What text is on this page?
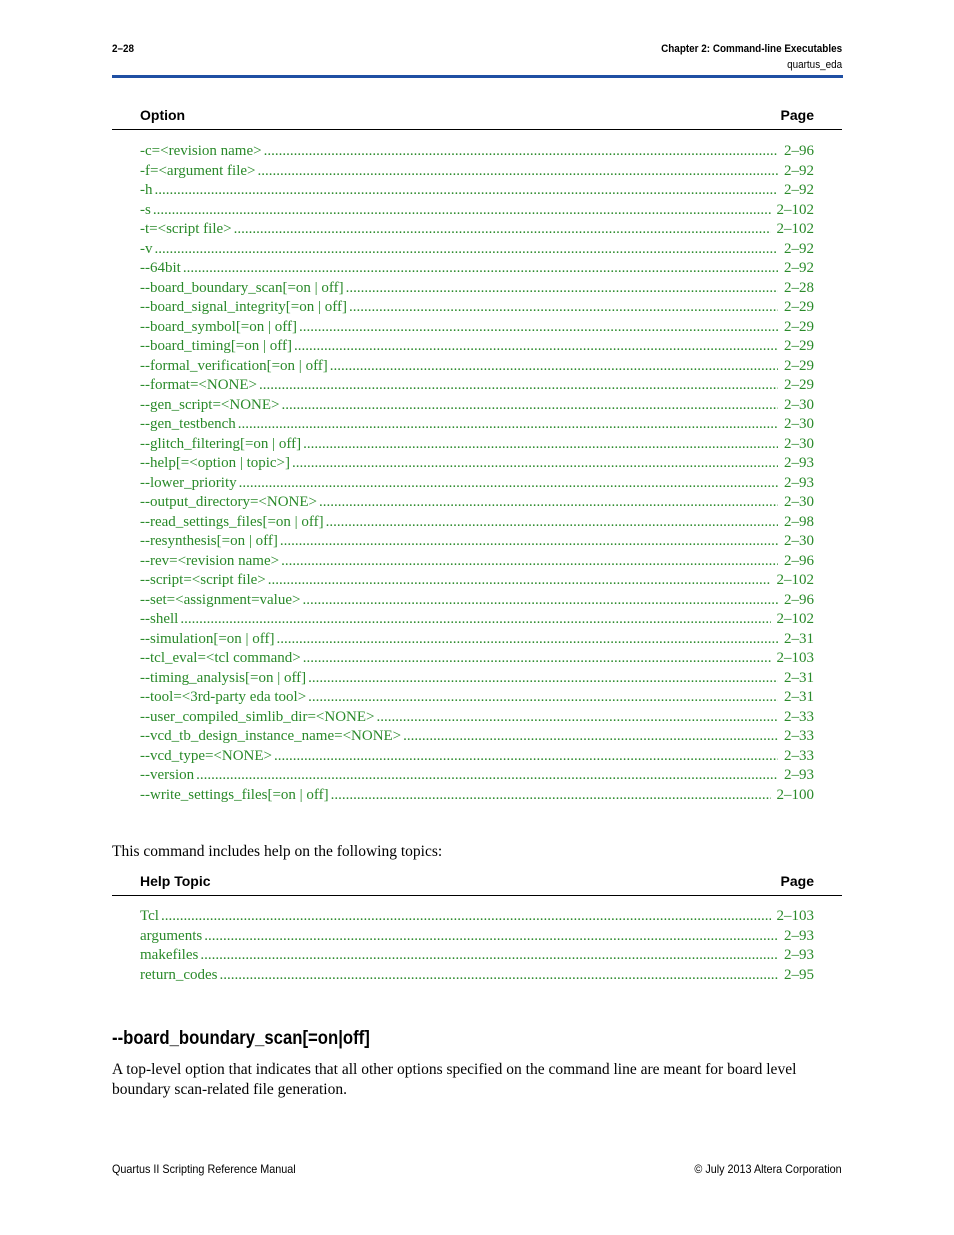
2–28	Chapter 2: Command-line Executables
quartus_eda
Option	Page
-c=<revision name> .....	2–96
-f=<argument file> .....	2–92
-h .....	2–92
-s .....	2–102
-t=<script file> .....	2–102
-v .....	2–92
--64bit .....	2–92
--board_boundary_scan[=on | off] .....	2–28
--board_signal_integrity[=on | off] .....	2–29
--board_symbol[=on | off] .....	2–29
--board_timing[=on | off] .....	2–29
--formal_verification[=on | off] .....	2–29
--format=<NONE> .....	2–29
--gen_script=<NONE> .....	2–30
--gen_testbench .....	2–30
--glitch_filtering[=on | off] .....	2–30
--help[=<option | topic>] .....	2–93
--lower_priority .....	2–93
--output_directory=<NONE> .....	2–30
--read_settings_files[=on | off] .....	2–98
--resynthesis[=on | off] .....	2–30
--rev=<revision name> .....	2–96
--script=<script file> .....	2–102
--set=<assignment=value> .....	2–96
--shell .....	2–102
--simulation[=on | off] .....	2–31
--tcl_eval=<tcl command> .....	2–103
--timing_analysis[=on | off] .....	2–31
--tool=<3rd-party eda tool> .....	2–31
--user_compiled_simlib_dir=<NONE> .....	2–33
--vcd_tb_design_instance_name=<NONE> .....	2–33
--vcd_type=<NONE> .....	2–33
--version .....	2–93
--write_settings_files[=on | off] .....	2–100
This command includes help on the following topics:
Help Topic	Page
Tcl .....	2–103
arguments .....	2–93
makefiles .....	2–93
return_codes .....	2–95
--board_boundary_scan[=on|off]
A top-level option that indicates that all other options specified on the command line are meant for board level boundary scan-related file generation.
Quartus II Scripting Reference Manual	© July 2013 Altera Corporation
